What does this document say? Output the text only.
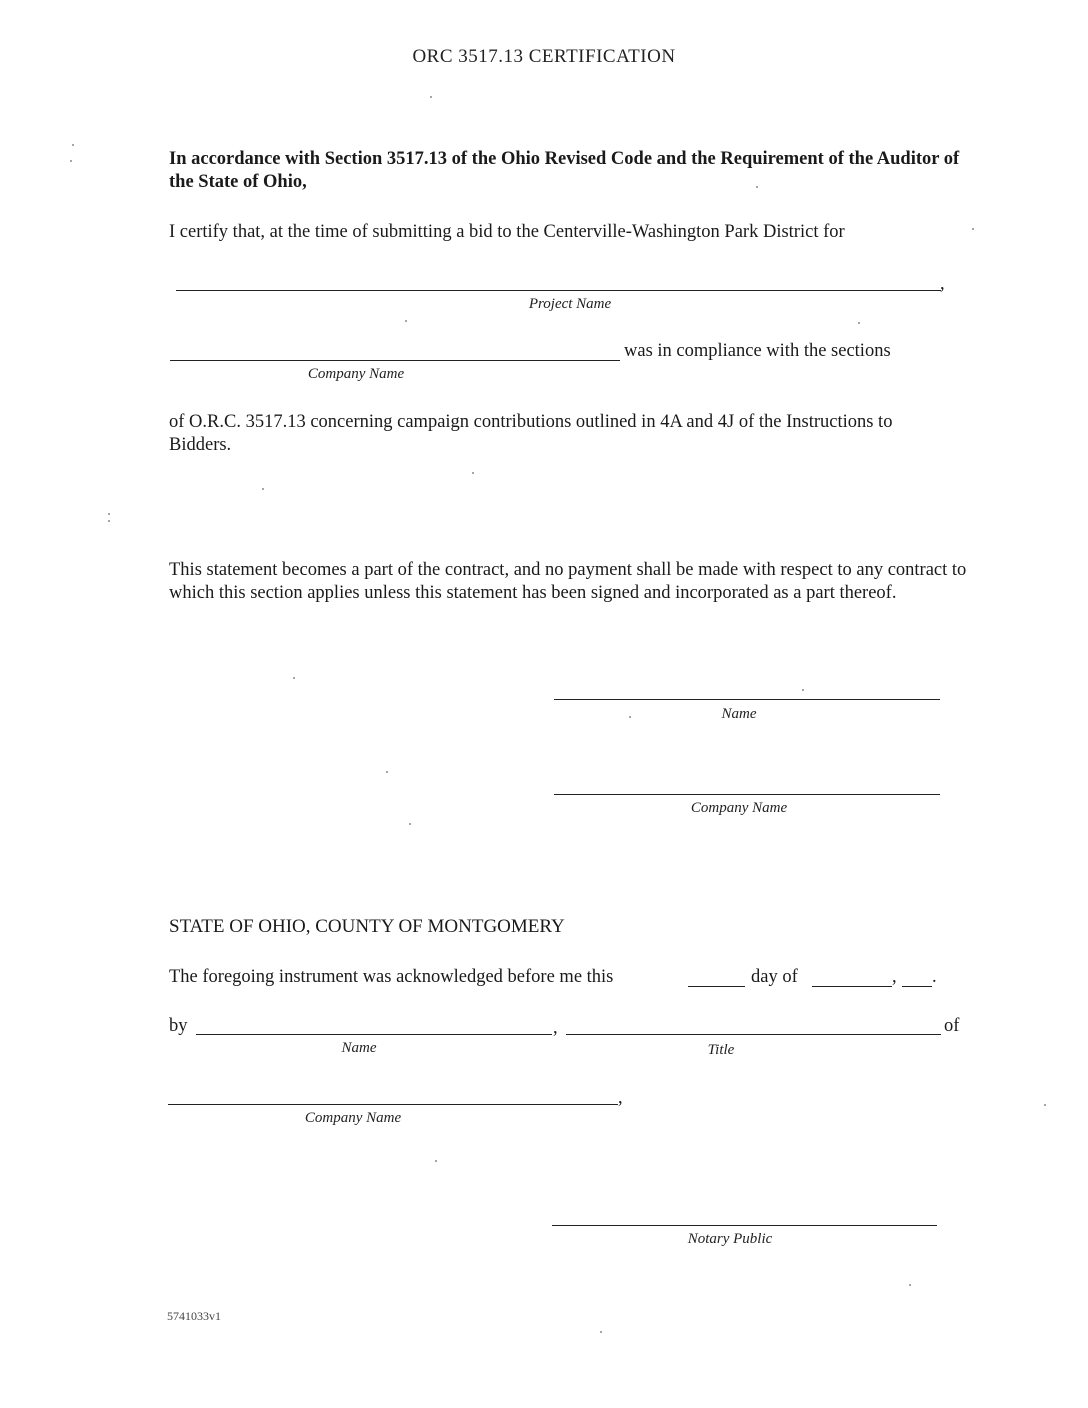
ORC 3517.13 CERTIFICATION
In accordance with Section 3517.13 of the Ohio Revised Code and the Requirement of the Auditor of the State of Ohio,
I certify that, at the time of submitting a bid to the Centerville-Washington Park District for
,
Project Name
was in compliance with the sections
Company Name
of O.R.C. 3517.13 concerning campaign contributions outlined in 4A and 4J of the Instructions to Bidders.
This statement becomes a part of the contract, and no payment shall be made with respect to any contract to which this section applies unless this statement has been signed and incorporated as a part thereof.
Name
Company Name
STATE OF OHIO, COUNTY OF MONTGOMERY
The foregoing instrument was acknowledged before me this	day of	, .
by	,	of
Name	Title
,
Company Name
Notary Public
5741033v1
